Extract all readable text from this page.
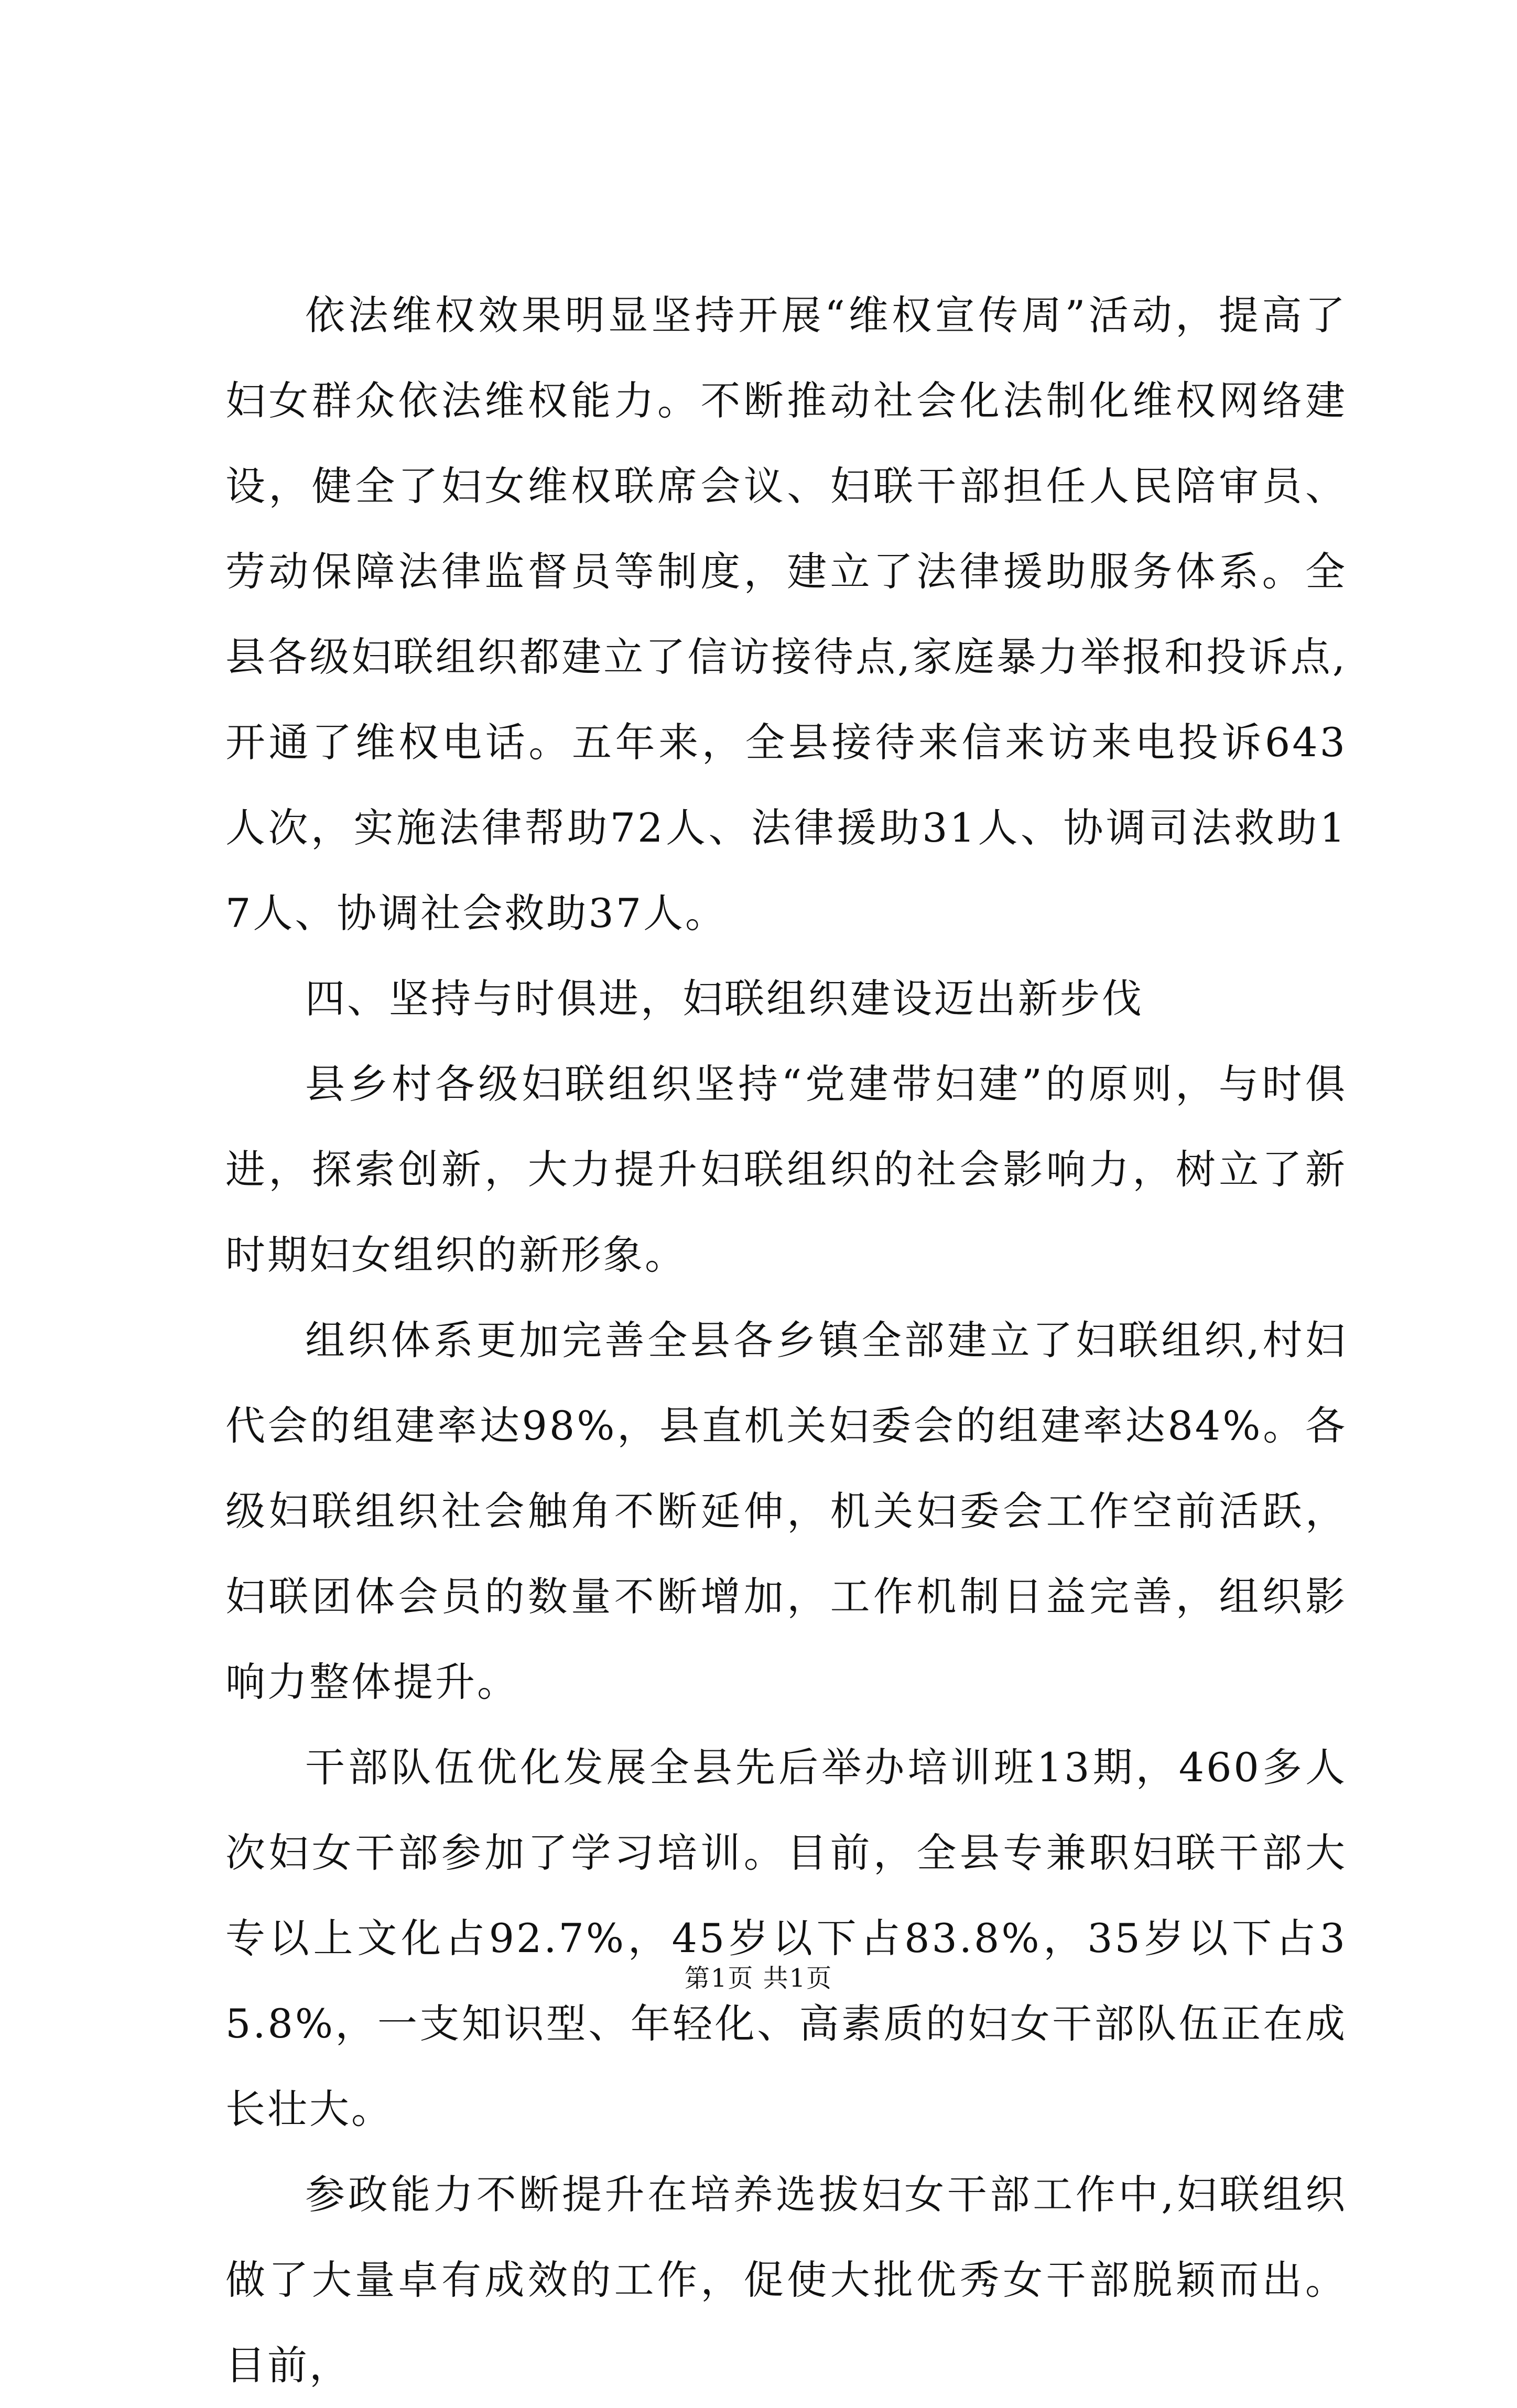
依法维权效果明显坚持开展“维权宣传周”活动，提高了妇女群众依法维权能力。不断推动社会化法制化维权网络建设，健全了妇女维权联席会议、妇联干部担任人民陪审员、劳动保障法律监督员等制度，建立了法律援助服务体系。全县各级妇联组织都建立了信访接待点,家庭暴力举报和投诉点,开通了维权电话。五年来，全县接待来信来访来电投诉643人次，实施法律帮助72人、法律援助31人、协调司法救助17人、协调社会救助37人。

四、坚持与时俱进，妇联组织建设迈出新步伐

县乡村各级妇联组织坚持“党建带妇建”的原则，与时俱进，探索创新，大力提升妇联组织的社会影响力，树立了新时期妇女组织的新形象。

组织体系更加完善全县各乡镇全部建立了妇联组织,村妇代会的组建率达98%，县直机关妇委会的组建率达84%。各级妇联组织社会触角不断延伸，机关妇委会工作空前活跃，妇联团体会员的数量不断增加，工作机制日益完善，组织影响力整体提升。

干部队伍优化发展全县先后举办培训班13期，460多人次妇女干部参加了学习培训。目前，全县专兼职妇联干部大专以上文化占92.7%，45岁以下占83.8%，35岁以下占35.8%，一支知识型、年轻化、高素质的妇女干部队伍正在成长壮大。

参政能力不断提升在培养选拔妇女干部工作中,妇联组织做了大量卓有成效的工作，促使大批优秀女干部脱颖而出。目前，

第1页 共1页
